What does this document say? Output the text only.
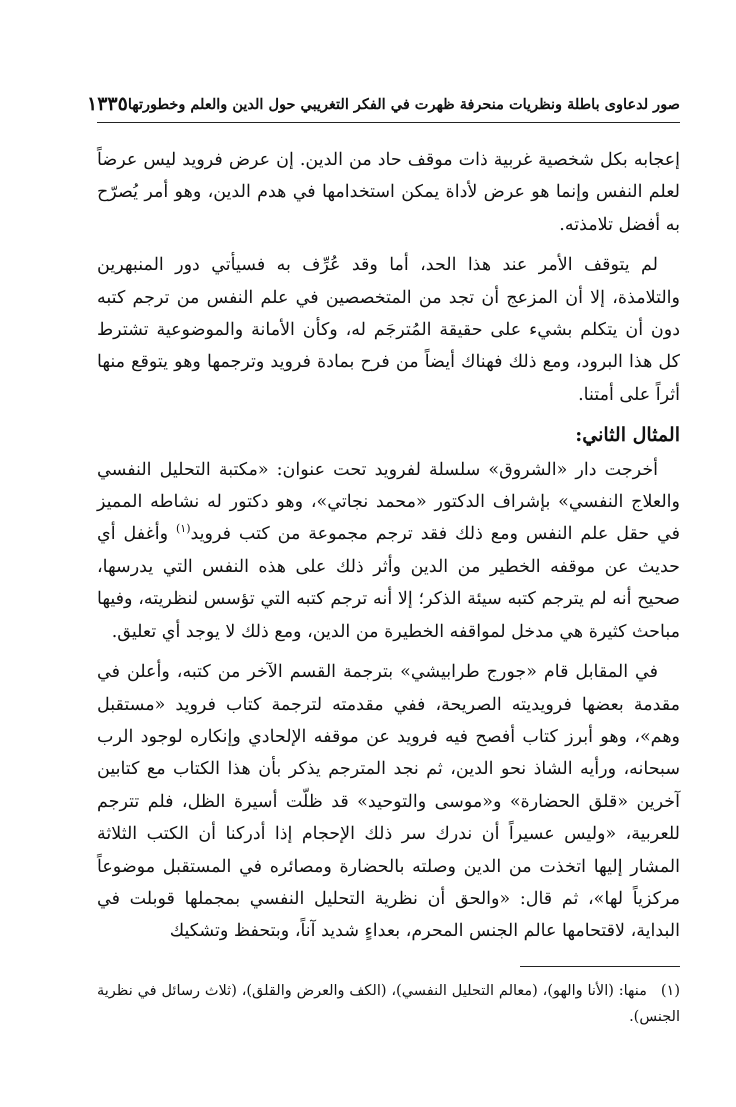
صور لدعاوى باطلة ونظريات منحرفة ظهرت في الفكر التغريبي حول الدين والعلم وخطورتها
١٣٣٥

إعجابه بكل شخصية غربية ذات موقف حاد من الدين. إن عرض فرويد ليس عرضاً لعلم النفس وإنما هو عرض لأداة يمكن استخدامها في هدم الدين، وهو أمر يُصرّح به أفضل تلامذته.

لم يتوقف الأمر عند هذا الحد، أما وقد عُرِّف به فسيأتي دور المنبهرين والتلامذة، إلا أن المزعج أن تجد من المتخصصين في علم النفس من ترجم كتبه دون أن يتكلم بشيء على حقيقة المُترجَم له، وكأن الأمانة والموضوعية تشترط كل هذا البرود، ومع ذلك فهناك أيضاً من فرح بمادة فرويد وترجمها وهو يتوقع منها أثراً على أمتنا.

المثال الثاني:

أخرجت دار «الشروق» سلسلة لفرويد تحت عنوان: «مكتبة التحليل النفسي والعلاج النفسي» بإشراف الدكتور «محمد نجاتي»، وهو دكتور له نشاطه المميز في حقل علم النفس ومع ذلك فقد ترجم مجموعة من كتب فرويد$^{(١)}$ وأغفل أي حديث عن موقفه الخطير من الدين وأثر ذلك على هذه النفس التي يدرسها، صحيح أنه لم يترجم كتبه سيئة الذكر؛ إلا أنه ترجم كتبه التي تؤسس لنظريته، وفيها مباحث كثيرة هي مدخل لمواقفه الخطيرة من الدين، ومع ذلك لا يوجد أي تعليق.

في المقابل قام «جورج طرابيشي» بترجمة القسم الآخر من كتبه، وأعلن في مقدمة بعضها فرويديته الصريحة، ففي مقدمته لترجمة كتاب فرويد «مستقبل وهم»، وهو أبرز كتاب أفصح فيه فرويد عن موقفه الإلحادي وإنكاره لوجود الرب سبحانه، ورأيه الشاذ نحو الدين، ثم نجد المترجم يذكر بأن هذا الكتاب مع كتابين آخرين «قلق الحضارة» و«موسى والتوحيد» قد ظلّت أسيرة الظل، فلم تترجم للعربية، «وليس عسيراً أن ندرك سر ذلك الإحجام إذا أدركنا أن الكتب الثلاثة المشار إليها اتخذت من الدين وصلته بالحضارة ومصائره في المستقبل موضوعاً مركزياً لها»، ثم قال: «والحق أن نظرية التحليل النفسي بمجملها قوبلت في البداية، لاقتحامها عالم الجنس المحرم، بعداءٍ شديد آناً، وبتحفظ وتشكيك

(١)منها: (الأنا والهو)، (معالم التحليل النفسي)، (الكف والعرض والقلق)، (ثلاث رسائل في نظرية الجنس).
